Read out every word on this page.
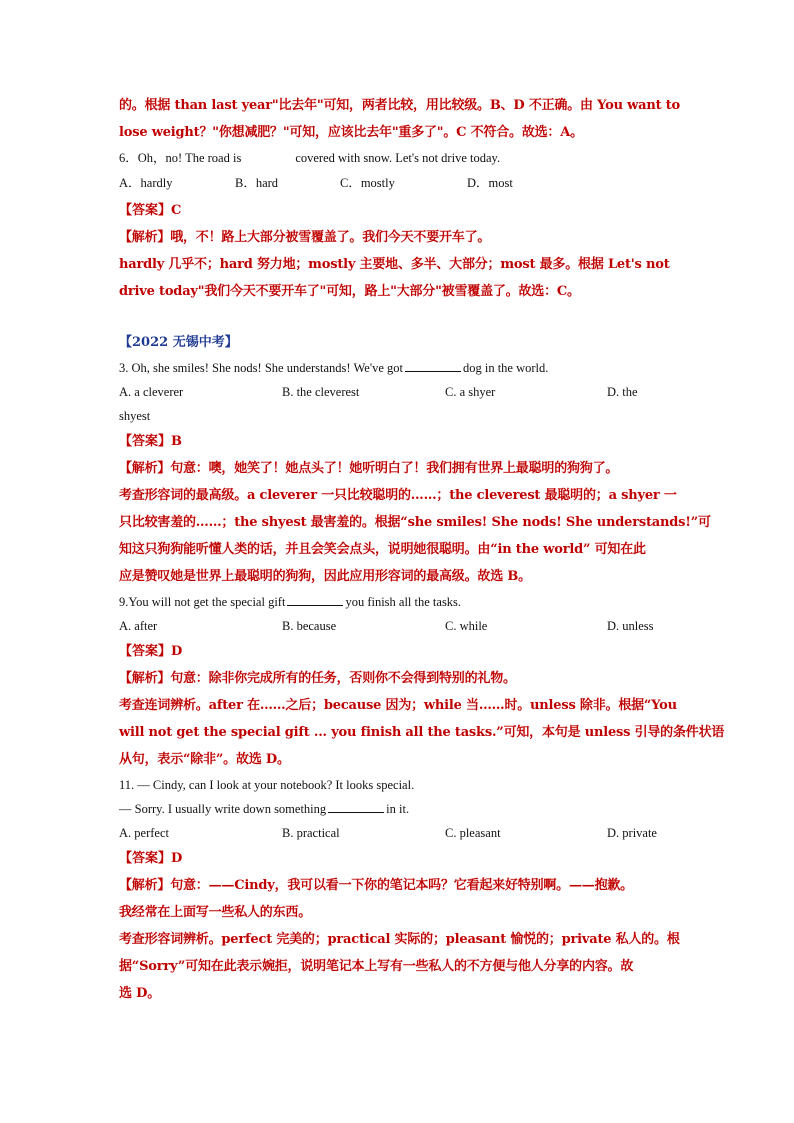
的。根据 than last year"比去年"可知，两者比较，用比较级。B、D 不正确。由 You want to
lose weight？"你想减肥？"可知，应该比去年"重多了"。C 不符合。故选：A。
6．Oh，no! The road is	covered with snow. Let's not drive today.
A．hardly	B．hard	C．mostly	D．most
【答案】C
【解析】哦，不！路上大部分被雪覆盖了。我们今天不要开车了。
hardly 几乎不；hard 努力地；mostly 主要地、多半、大部分；most 最多。根据 Let's not
drive today"我们今天不要开车了"可知，路上"大部分"被雪覆盖了。故选：C。
【2022 无锡中考】
3. Oh, she smiles! She nods! She understands! We've got	dog in the world.
A. a cleverer	B. the cleverest	C. a shyer	D. the
shyest
【答案】B
【解析】句意：噢，她笑了！她点头了！她听明白了！我们拥有世界上最聪明的狗狗了。
考查形容词的最高级。a cleverer 一只比较聪明的……；the cleverest 最聪明的；a shyer 一
只比较害羞的……；the shyest 最害羞的。根据“she smiles! She nods! She understands!”可
知这只狗狗能听懂人类的话，并且会笑会点头，说明她很聪明。由“in the world” 可知在此
应是赞叹她是世界上最聪明的狗狗，因此应用形容词的最高级。故选 B。
9.You will not get the special gift	you finish all the tasks.
A. after	B. because	C. while	D. unless
【答案】D
【解析】句意：除非你完成所有的任务，否则你不会得到特别的礼物。
考查连词辨析。after 在……之后；because 因为；while 当……时。unless 除非。根据“You
will not get the special gift ... you finish all the tasks.”可知，本句是 unless 引导的条件状语
从句，表示“除非”。故选 D。
11. — Cindy, can I look at your notebook? It looks special.
— Sorry. I usually write down something	in it.
A. perfect	B. practical	C. pleasant	D. private
【答案】D
【解析】句意：——Cindy，我可以看一下你的笔记本吗？它看起来好特别啊。——抱歉。
我经常在上面写一些私人的东西。
考查形容词辨析。perfect 完美的；practical 实际的；pleasant 愉悦的；private 私人的。根
据“Sorry”可知在此表示婉拒，说明笔记本上写有一些私人的不方便与他人分享的内容。故
选 D。
